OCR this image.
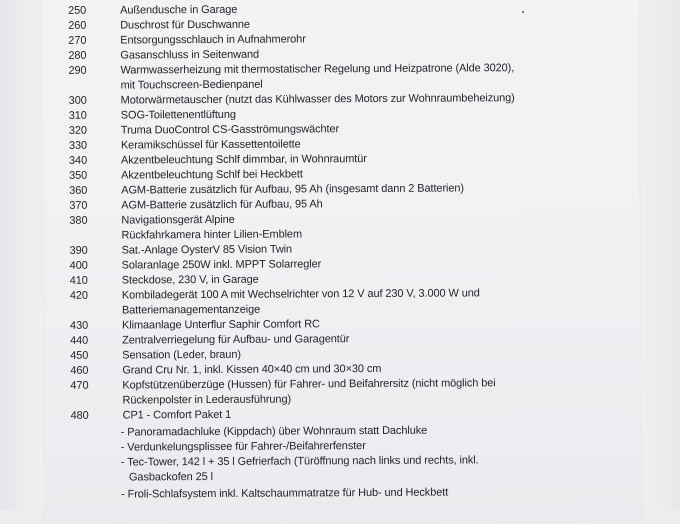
250	Außendusche in Garage
260	Duschrost für Duschwanne
270	Entsorgungsschlauch in Aufnahmerohr
280	Gasanschluss in Seitenwand
290	Warmwasserheizung mit thermostatischer Regelung und Heizpatrone (Alde 3020),
mit Touchscreen-Bedienpanel
300	Motorwärmetauscher (nutzt das Kühlwasser des Motors zur Wohnraumbeheizung)
310	SOG-Toilettenentlüftung
320	Truma DuoControl CS-Gasströmungswächter
330	Keramikschüssel für Kassettentoilette
340	Akzentbeleuchtung Schlf dimmbar, in Wohnraumtür
350	Akzentbeleuchtung Schlf bei Heckbett
360	AGM-Batterie zusätzlich für Aufbau, 95 Ah (insgesamt dann 2 Batterien)
370	AGM-Batterie zusätzlich für Aufbau, 95 Ah
380	Navigationsgerät Alpine
Rückfahrkamera hinter Lilien-Emblem
390	Sat.-Anlage OysterV 85 Vision Twin
400	Solaranlage 250W inkl. MPPT Solarregler
410	Steckdose, 230 V, in Garage
420	Kombiladegerät 100 A mit Wechselrichter von 12 V auf 230 V, 3.000 W und
Batteriemanagementanzeige
430	Klimaanlage Unterflur Saphir Comfort RC
440	Zentralverriegelung für Aufbau- und Garagentür
450	Sensation (Leder, braun)
460	Grand Cru Nr. 1, inkl. Kissen 40×40 cm und 30×30 cm
470	Kopfstützenüberzüge (Hussen) für Fahrer- und Beifahrersitz (nicht möglich bei
Rückenpolster in Lederausführung)
480	CP1 - Comfort Paket 1
- Panoramadachluke (Kippdach) über Wohnraum statt Dachluke
- Verdunkelungsplissee für Fahrer-/Beifahrerfenster
- Tec-Tower, 142 l + 35 l Gefrierfach (Türöffnung nach links und rechts, inkl.
Gasbackofen 25 l
- Froli-Schlafsystem inkl. Kaltschaummatratze für Hub- und Heckbett
